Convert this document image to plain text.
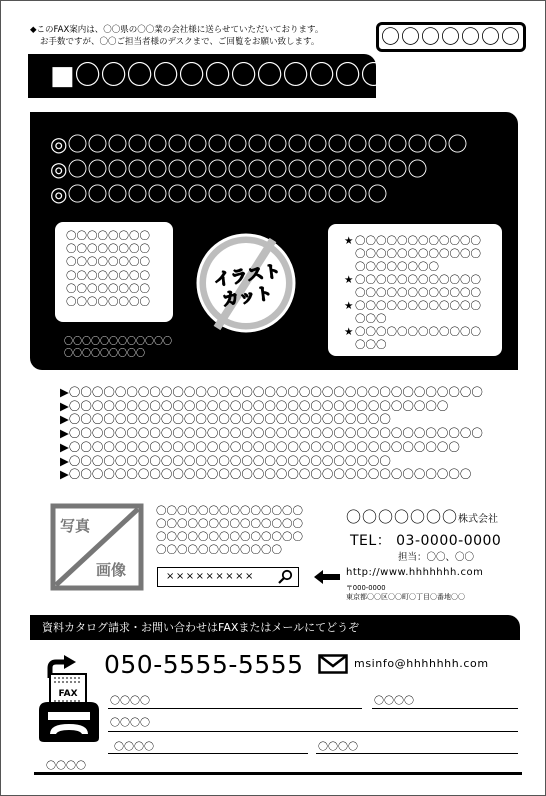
◆このFAX案内は、〇〇県の〇〇業の会社様に送らせていただいております。
お手数ですが、〇〇ご担当者様のデスクまで、ご回覧をお願い致します。	〇〇〇〇〇〇〇
■〇〇〇〇〇〇〇〇〇〇〇〇
◎〇〇〇〇〇〇〇〇〇〇〇〇〇〇〇〇〇〇〇〇
◎〇〇〇〇〇〇〇〇〇〇〇〇〇〇〇〇〇〇
◎〇〇〇〇〇〇〇〇〇〇〇〇〇〇〇〇
〇〇〇〇〇〇〇〇
〇〇〇〇〇〇〇〇
〇〇〇〇〇〇〇〇
〇〇〇〇〇〇〇〇
〇〇〇〇〇〇〇〇
〇〇〇〇〇〇〇〇
〇〇〇〇〇〇〇〇〇〇〇〇
〇〇〇〇〇〇〇〇〇
イラスト
カット
★ 〇〇〇〇〇〇〇〇〇〇〇〇
〇〇〇〇〇〇〇〇〇〇〇〇
〇〇〇〇〇〇〇〇
★ 〇〇〇〇〇〇〇〇〇〇〇〇
〇〇〇〇〇〇〇〇〇〇〇〇
★ 〇〇〇〇〇〇〇〇〇〇〇〇
〇〇〇
★ 〇〇〇〇〇〇〇〇〇〇〇〇
〇〇〇
▶〇〇〇〇〇〇〇〇〇〇〇〇〇〇〇〇〇〇〇〇〇〇〇〇〇〇〇〇〇〇〇〇〇〇〇〇
▶〇〇〇〇〇〇〇〇〇〇〇〇〇〇〇〇〇〇〇〇〇〇〇〇〇〇〇〇〇〇〇〇〇
▶〇〇〇〇〇〇〇〇〇〇〇〇〇〇〇〇〇〇〇〇〇〇〇〇〇〇〇〇
▶〇〇〇〇〇〇〇〇〇〇〇〇〇〇〇〇〇〇〇〇〇〇〇〇〇〇〇〇〇〇〇〇〇〇〇〇
▶〇〇〇〇〇〇〇〇〇〇〇〇〇〇〇〇〇〇〇〇〇〇〇〇〇〇〇〇〇〇〇〇〇〇
▶〇〇〇〇〇〇〇〇〇〇〇〇〇〇〇〇〇〇〇〇〇〇〇〇〇〇〇〇
▶〇〇〇〇〇〇〇〇〇〇〇〇〇〇〇〇〇〇〇〇〇〇〇〇〇〇〇〇〇〇〇〇〇〇〇
写真
画像
〇〇〇〇〇〇〇〇〇〇〇〇〇〇
〇〇〇〇〇〇〇〇〇〇〇〇〇〇
〇〇〇〇〇〇〇〇〇〇〇〇〇〇
〇〇〇〇〇〇〇〇〇〇〇〇
×××××××××
〇〇〇〇〇〇〇株式会社
TEL： 03-0000-0000
担当：〇〇、〇〇
http://www.hhhhhhh.com
〒000-0000
東京都〇〇区〇〇町〇丁目〇番地〇〇
資料カタログ請求・お問い合わせはFAXまたはメールにてどうぞ
FAX
050-5555-5555	msinfo@hhhhhhh.com
〇〇〇〇	〇〇〇〇
〇〇〇〇
〇〇〇〇	〇〇〇〇
〇〇〇〇
